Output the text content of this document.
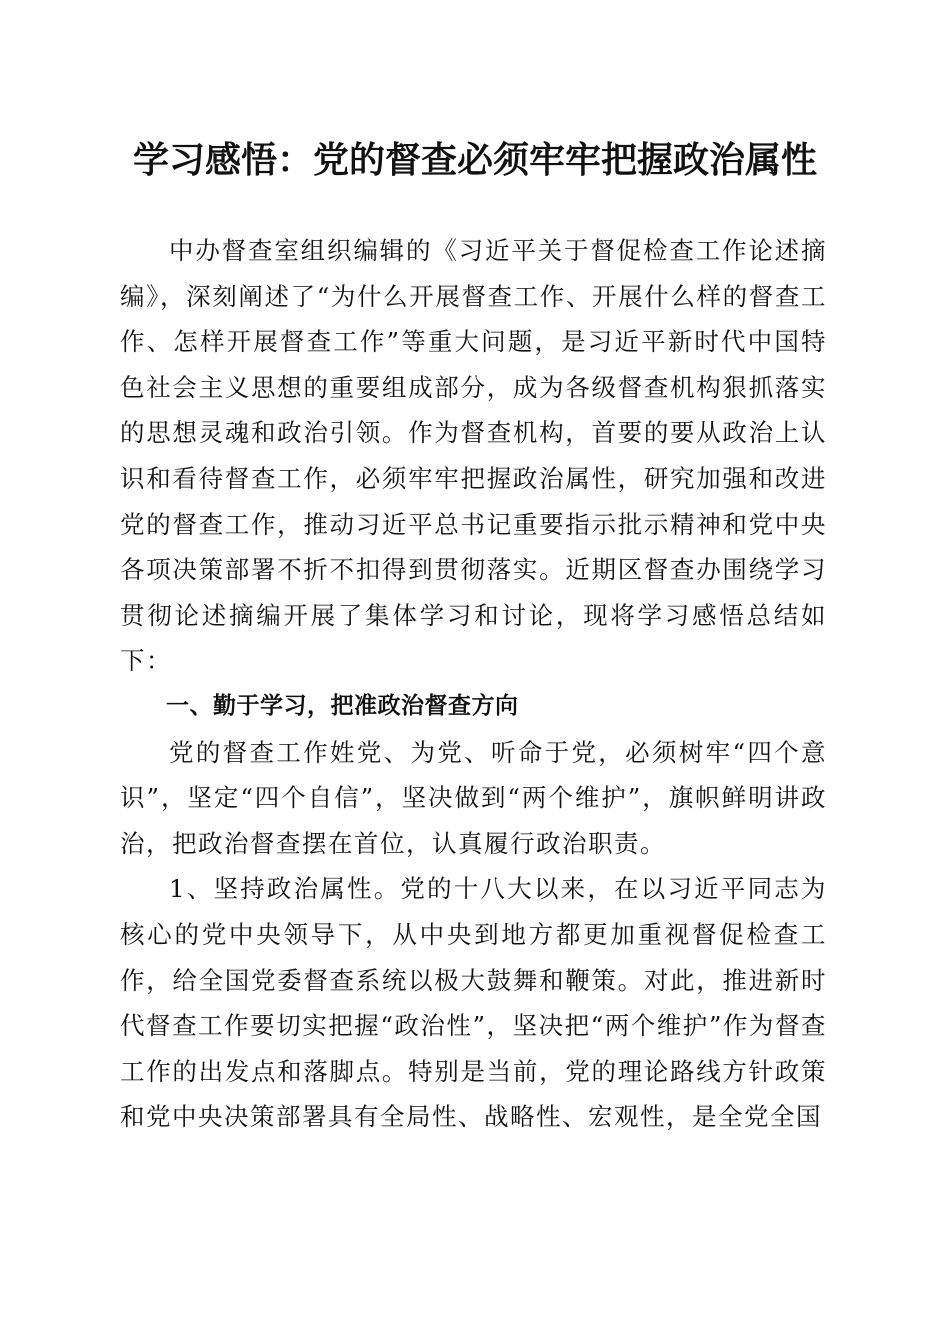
学习感悟：党的督查必须牢牢把握政治属性

中办督查室组织编辑的《习近平关于督促检查工作论述摘编》，深刻阐述了“为什么开展督查工作、开展什么样的督查工作、怎样开展督查工作”等重大问题，是习近平新时代中国特色社会主义思想的重要组成部分，成为各级督查机构狠抓落实的思想灵魂和政治引领。作为督查机构，首要的要从政治上认识和看待督查工作，必须牢牢把握政治属性，研究加强和改进党的督查工作，推动习近平总书记重要指示批示精神和党中央各项决策部署不折不扣得到贯彻落实。近期区督查办围绕学习贯彻论述摘编开展了集体学习和讨论，现将学习感悟总结如下：

一、勤于学习，把准政治督查方向

党的督查工作姓党、为党、听命于党，必须树牢“四个意识”，坚定“四个自信”，坚决做到“两个维护”，旗帜鲜明讲政治，把政治督查摆在首位，认真履行政治职责。

1、坚持政治属性。党的十八大以来，在以习近平同志为核心的党中央领导下，从中央到地方都更加重视督促检查工作，给全国党委督查系统以极大鼓舞和鞭策。对此，推进新时代督查工作要切实把握“政治性”，坚决把“两个维护”作为督查工作的出发点和落脚点。特别是当前，党的理论路线方针政策和党中央决策部署具有全局性、战略性、宏观性，是全党全国
